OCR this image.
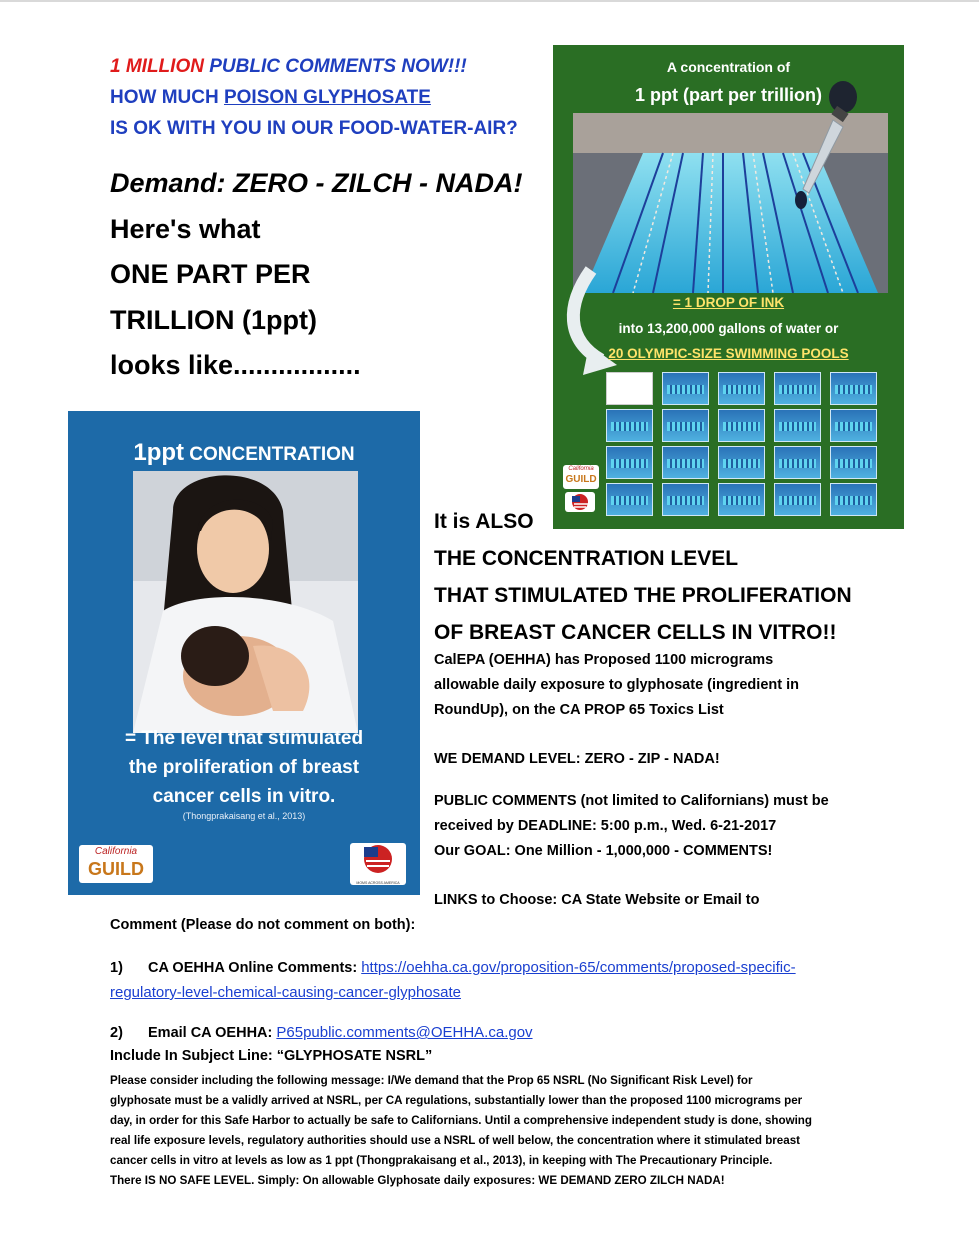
1 MILLION PUBLIC COMMENTS NOW!!!
HOW MUCH POISON GLYPHOSATE
IS OK WITH YOU IN OUR FOOD-WATER-AIR?
Demand: ZERO - ZILCH - NADA!
Here's what
ONE PART PER
TRILLION (1ppt)
looks like.................
A concentration of
1 ppt (part per trillion)
= 1 DROP OF INK
into 13,200,000 gallons of water or
20 OLYMPIC-SIZE SWIMMING POOLS
California
GUILD
1ppt CONCENTRATION
= The level that stimulated
the proliferation of breast
cancer cells in vitro.
(Thongprakaisang et al., 2013)
California
GUILD
MOMS ACROSS AMERICA
It is ALSO
THE CONCENTRATION LEVEL
THAT STIMULATED THE PROLIFERATION
OF BREAST CANCER CELLS IN VITRO!!
CalEPA (OEHHA) has Proposed 1100 micrograms
allowable daily exposure to glyphosate (ingredient in
RoundUp), on the CA PROP 65 Toxics List
WE DEMAND LEVEL: ZERO - ZIP - NADA!
PUBLIC COMMENTS (not limited to Californians) must be
received by DEADLINE: 5:00 p.m., Wed. 6-21-2017
Our GOAL: One Million - 1,000,000 - COMMENTS!
LINKS to Choose: CA State Website or Email to
Comment (Please do not comment on both):
1) CA OEHHA Online Comments: https://oehha.ca.gov/proposition-65/comments/proposed-specific-
regulatory-level-chemical-causing-cancer-glyphosate
2) Email CA OEHHA: P65public.comments@OEHHA.ca.gov
Include In Subject Line: “GLYPHOSATE NSRL”
Please consider including the following message: I/We demand that the Prop 65 NSRL (No Significant Risk Level) for
glyphosate must be a validly arrived at NSRL, per CA regulations, substantially lower than the proposed 1100 micrograms per
day, in order for this Safe Harbor to actually be safe to Californians. Until a comprehensive independent study is done, showing
real life exposure levels, regulatory authorities should use a NSRL of well below, the concentration where it stimulated breast
cancer cells in vitro at levels as low as 1 ppt (Thongprakaisang et al., 2013), in keeping with The Precautionary Principle.
There IS NO SAFE LEVEL. Simply: On allowable Glyphosate daily exposures: WE DEMAND ZERO ZILCH NADA!
